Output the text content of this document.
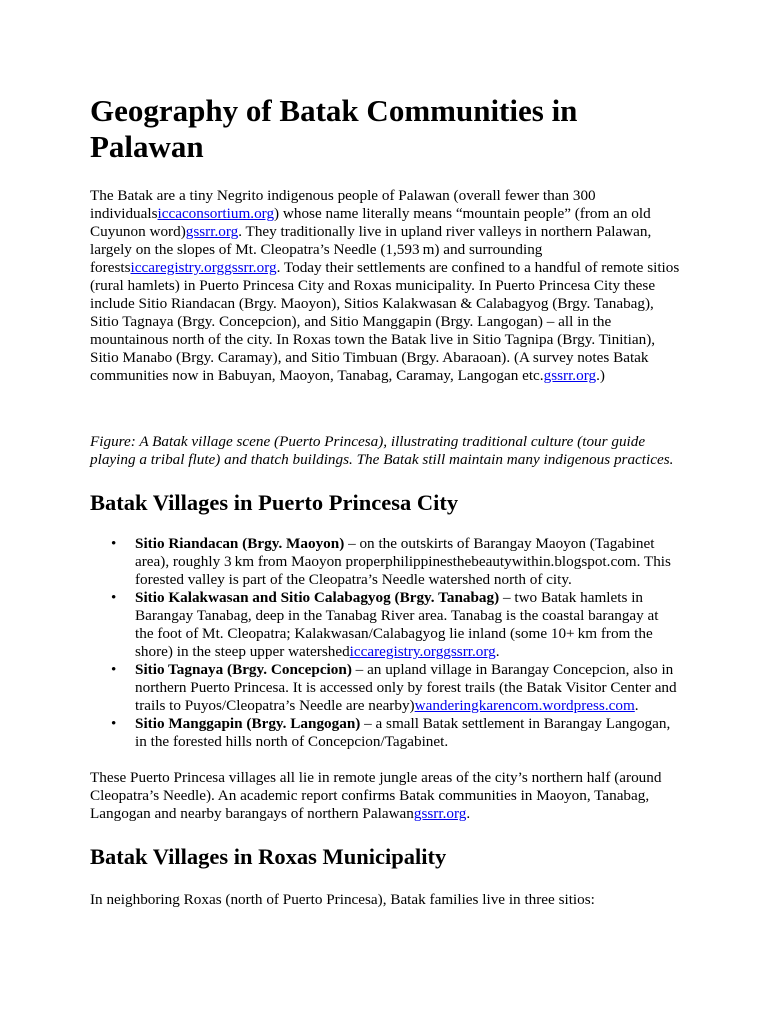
Geography of Batak Communities in Palawan

The Batak are a tiny Negrito indigenous people of Palawan (overall fewer than 300 individualsiccaconsortium.org) whose name literally means “mountain people” (from an old Cuyunon word)gssrr.org. They traditionally live in upland river valleys in northern Palawan, largely on the slopes of Mt. Cleopatra’s Needle (1,593 m) and surrounding forestsiccaregistry.orggssrr.org. Today their settlements are confined to a handful of remote sitios (rural hamlets) in Puerto Princesa City and Roxas municipality. In Puerto Princesa City these include Sitio Riandacan (Brgy. Maoyon), Sitios Kalakwasan & Calabagyog (Brgy. Tanabag), Sitio Tagnaya (Brgy. Concepcion), and Sitio Manggapin (Brgy. Langogan) – all in the mountainous north of the city. In Roxas town the Batak live in Sitio Tagnipa (Brgy. Tinitian), Sitio Manabo (Brgy. Caramay), and Sitio Timbuan (Brgy. Abaraoan). (A survey notes Batak communities now in Babuyan, Maoyon, Tanabag, Caramay, Langogan etc.gssrr.org.)

Figure: A Batak village scene (Puerto Princesa), illustrating traditional culture (tour guide playing a tribal flute) and thatch buildings. The Batak still maintain many indigenous practices.

Batak Villages in Puerto Princesa City
• Sitio Riandacan (Brgy. Maoyon) – on the outskirts of Barangay Maoyon (Tagabinet area), roughly 3 km from Maoyon properphilippinesthebeautywithin.blogspot.com. This forested valley is part of the Cleopatra’s Needle watershed north of city.
• Sitio Kalakwasan and Sitio Calabagyog (Brgy. Tanabag) – two Batak hamlets in Barangay Tanabag, deep in the Tanabag River area. Tanabag is the coastal barangay at the foot of Mt. Cleopatra; Kalakwasan/Calabagyog lie inland (some 10+ km from the shore) in the steep upper watershediccaregistry.orggssrr.org.
• Sitio Tagnaya (Brgy. Concepcion) – an upland village in Barangay Concepcion, also in northern Puerto Princesa. It is accessed only by forest trails (the Batak Visitor Center and trails to Puyos/Cleopatra’s Needle are nearby)wanderingkarencom.wordpress.com.
• Sitio Manggapin (Brgy. Langogan) – a small Batak settlement in Barangay Langogan, in the forested hills north of Concepcion/Tagabinet.

These Puerto Princesa villages all lie in remote jungle areas of the city’s northern half (around Cleopatra’s Needle). An academic report confirms Batak communities in Maoyon, Tanabag, Langogan and nearby barangays of northern Palawangssrr.org.

Batak Villages in Roxas Municipality

In neighboring Roxas (north of Puerto Princesa), Batak families live in three sitios:
